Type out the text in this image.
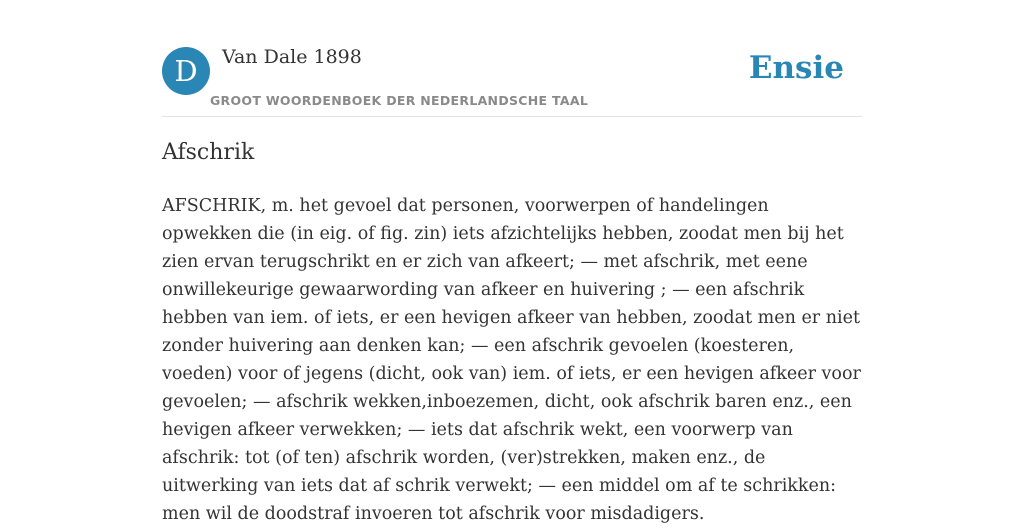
D	Van Dale 1898
GROOT WOORDENBOEK DER NEDERLANDSCHE TAAL
Ensie
Afschrik

AFSCHRIK, m. het gevoel dat personen, voorwerpen of handelingen opwekken die (in eig. of fig. zin) iets afzichtelijks hebben, zoodat men bij het zien ervan terugschrikt en er zich van afkeert; — met afschrik, met eene onwillekeurige gewaarwording van afkeer en huivering ; — een afschrik hebben van iem. of iets, er een hevigen afkeer van hebben, zoodat men er niet zonder huivering aan denken kan; — een afschrik gevoelen (koesteren, voeden) voor of jegens (dicht, ook van) iem. of iets, er een hevigen afkeer voor gevoelen; — afschrik wekken,inboezemen, dicht, ook afschrik baren enz., een hevigen afkeer verwekken; — iets dat afschrik wekt, een voorwerp van afschrik: tot (of ten) afschrik worden, (ver)strekken, maken enz., de uitwerking van iets dat af schrik verwekt; — een middel om af te schrikken: men wil de doodstraf invoeren tot afschrik voor misdadigers.
